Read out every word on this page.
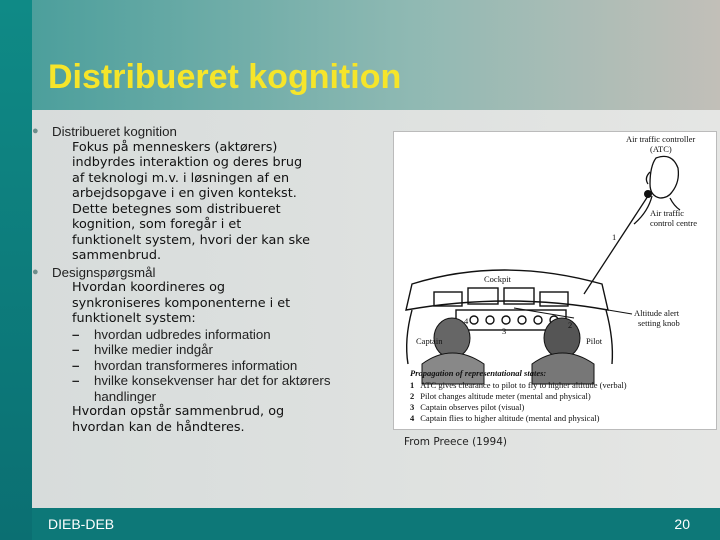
Distribueret kognition
●	Distribueret kognition
Fokus på menneskers (aktørers)
indbyrdes interaktion og deres brug
af teknologi m.v. i løsningen af en
arbejdsopgave i en given kontekst.
Dette betegnes som distribueret
kognition, som foregår i et
funktionelt system, hvori der kan ske
sammenbrud.
●	Designspørgsmål
Hvordan koordineres og
synkroniseres komponenterne i et
funktionelt system:
–	hvordan udbredes information
–	hvilke medier indgår
–	hvordan transformeres information
–	hvilke konsekvenser har det for aktørers handlinger
Hvordan opstår sammenbrud, og
hvordan kan de håndteres.
Air traffic controller
(ATC)
Air traffic
control centre
1
Cockpit
Altitude alert
setting knob
Captain	Pilot
4
3
2
Propagation of representational states:
1 ATC gives clearance to pilot to fly to higher altitude (verbal)
2 Pilot changes altitude meter (mental and physical)
3 Captain observes pilot (visual)
4 Captain flies to higher altitude (mental and physical)
From Preece (1994)
DIEB-DEB	20
